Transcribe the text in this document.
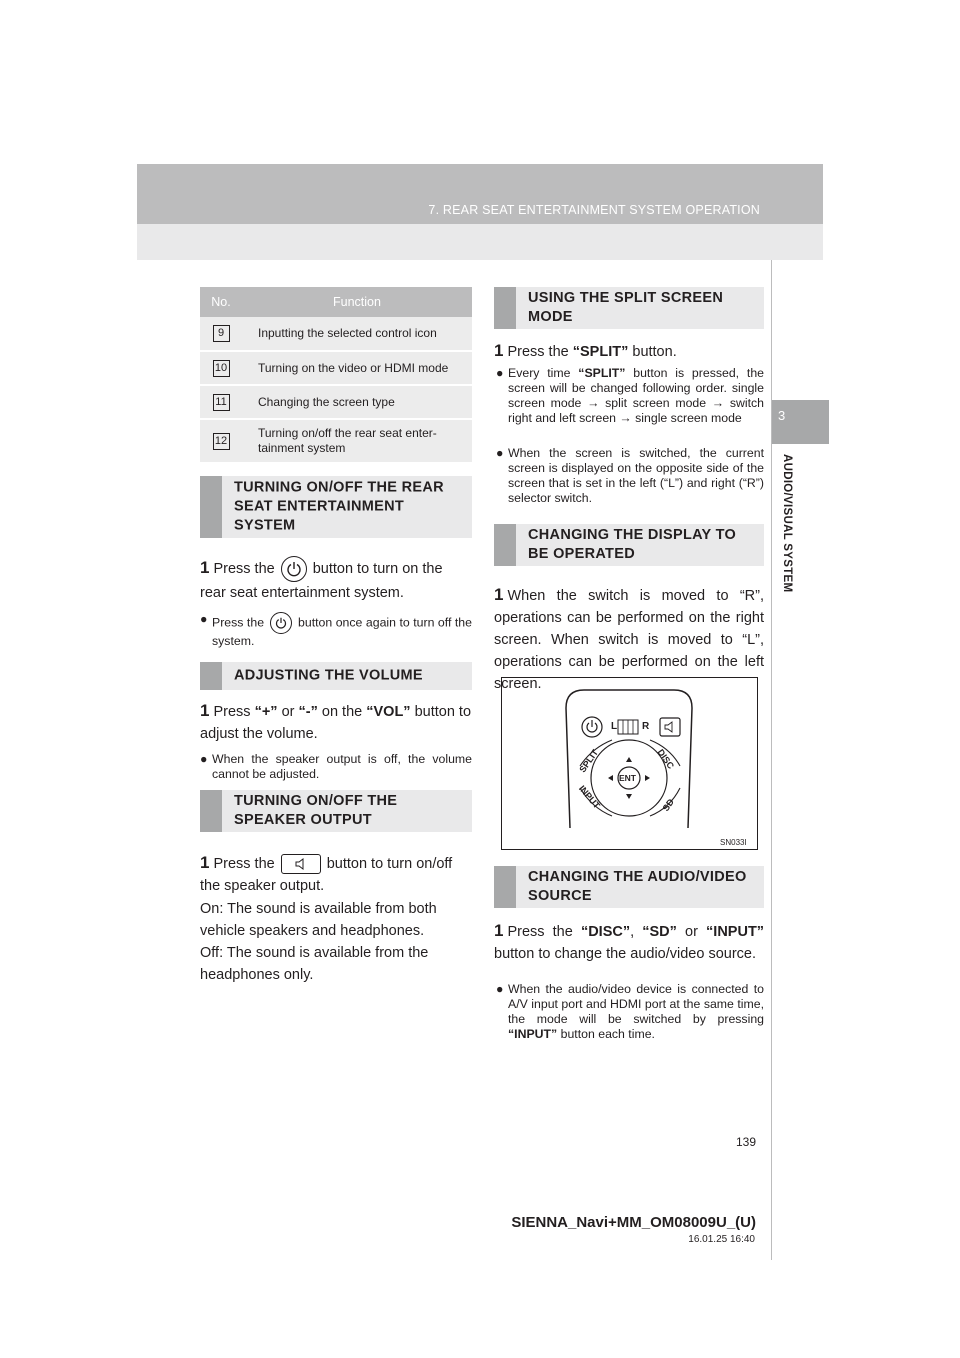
7. REAR SEAT ENTERTAINMENT SYSTEM OPERATION
3
AUDIO/VISUAL SYSTEM
No.	Function
9	Inputting the selected control icon
10	Turning on the video or HDMI mode
11	Changing the screen type
12	Turning on/off the rear seat enter-tainment system
TURNING ON/OFF THE REAR SEAT ENTERTAINMENT SYSTEM
1 Press the	button to turn on the rear seat entertainment system.
● Press the	button once again to turn off the system.
ADJUSTING THE VOLUME
1 Press “+” or “-” on the “VOL” button to adjust the volume.
● When the speaker output is off, the volume cannot be adjusted.
TURNING ON/OFF THE SPEAKER OUTPUT
1 Press the	button to turn on/off the speaker output.
On: The sound is available from both vehicle speakers and headphones.
Off: The sound is available from the headphones only.
USING THE SPLIT SCREEN MODE
1 Press the “SPLIT” button.
● Every time “SPLIT” button is pressed, the screen will be changed following order. single screen mode → split screen mode → switch right and left screen → single screen mode
● When the screen is switched, the current screen is displayed on the opposite side of the screen that is set in the left (“L”) and right (“R”) selector switch.
CHANGING THE DISPLAY TO BE OPERATED
1 When the switch is moved to “R”, operations can be performed on the right screen. When switch is moved to “L”, operations can be performed on the left screen.
L R
SPLIT	DISC
INPUT	SD
ENT
SN033I
CHANGING THE AUDIO/VIDEO SOURCE
1 Press the “DISC”, “SD” or “INPUT” button to change the audio/video source.
● When the audio/video device is connected to A/V input port and HDMI port at the same time, the mode will be switched by pressing “INPUT” button each time.
139
SIENNA_Navi+MM_OM08009U_(U)
16.01.25 16:40
